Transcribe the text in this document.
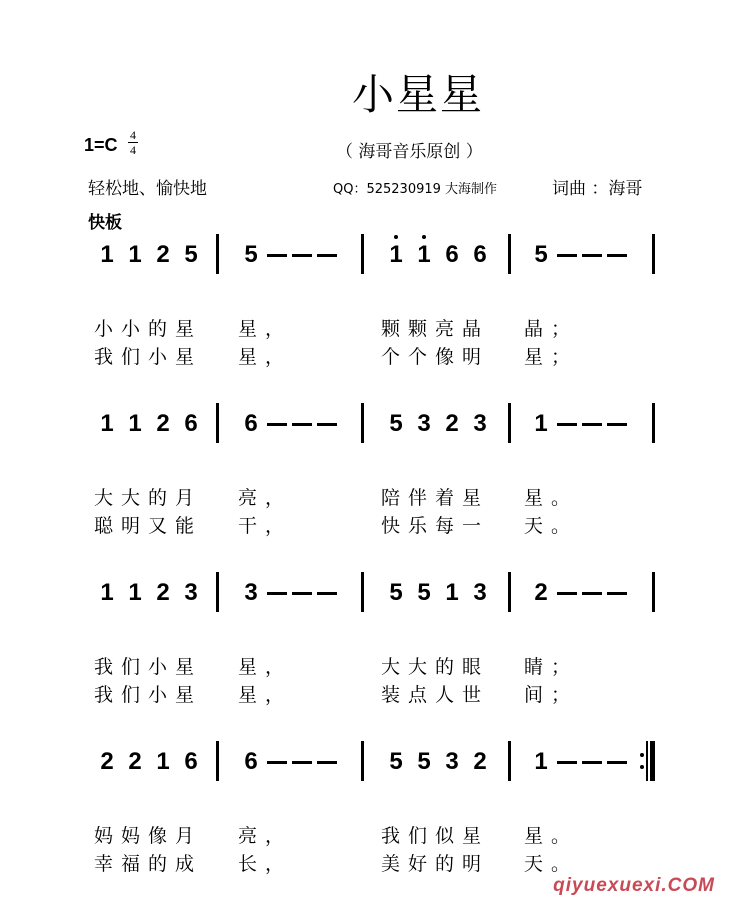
小星星
1=C	4
4	（ 海哥音乐原创 ）
轻松地、愉快地	QQ：525230919 大海制作	词曲 ：海哥
快板
1 1 2 5 5	1 1 6 6 5
小小的星 星，	颗颗亮晶 晶；
我们小星 星，	个个像明 星；
1 1 2 6 6	5 3 2 3 1
大大的月 亮，	陪伴着星 星。
聪明又能 干，	快乐每一 天。
1 1 2 3 3	5 5 1 3 2
我们小星 星，	大大的眼 睛；
我们小星 星，	装点人世 间；
2 2 1 6 6	5 5 3 2 1
妈妈像月 亮，	我们似星 星。
幸福的成 长，	美好的明 天。
qiyuexuexi.COM
